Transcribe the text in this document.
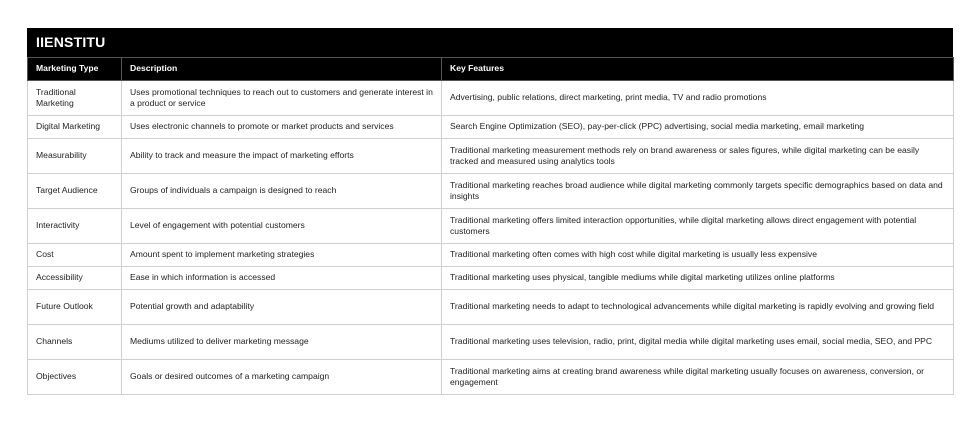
IIENSTITU
Marketing Type	Description	Key Features
Traditional Marketing	Uses promotional techniques to reach out to customers and generate interest in a product or service	Advertising, public relations, direct marketing, print media, TV and radio promotions
Digital Marketing	Uses electronic channels to promote or market products and services	Search Engine Optimization (SEO), pay-per-click (PPC) advertising, social media marketing, email marketing
Measurability	Ability to track and measure the impact of marketing efforts	Traditional marketing measurement methods rely on brand awareness or sales figures, while digital marketing can be easily tracked and measured using analytics tools
Target Audience	Groups of individuals a campaign is designed to reach	Traditional marketing reaches broad audience while digital marketing commonly targets specific demographics based on data and insights
Interactivity	Level of engagement with potential customers	Traditional marketing offers limited interaction opportunities, while digital marketing allows direct engagement with potential customers
Cost	Amount spent to implement marketing strategies	Traditional marketing often comes with high cost while digital marketing is usually less expensive
Accessibility	Ease in which information is accessed	Traditional marketing uses physical, tangible mediums while digital marketing utilizes online platforms
Future Outlook	Potential growth and adaptability	Traditional marketing needs to adapt to technological advancements while digital marketing is rapidly evolving and growing field
Channels	Mediums utilized to deliver marketing message	Traditional marketing uses television, radio, print, digital media while digital marketing uses email, social media, SEO, and PPC
Objectives	Goals or desired outcomes of a marketing campaign	Traditional marketing aims at creating brand awareness while digital marketing usually focuses on awareness, conversion, or engagement
